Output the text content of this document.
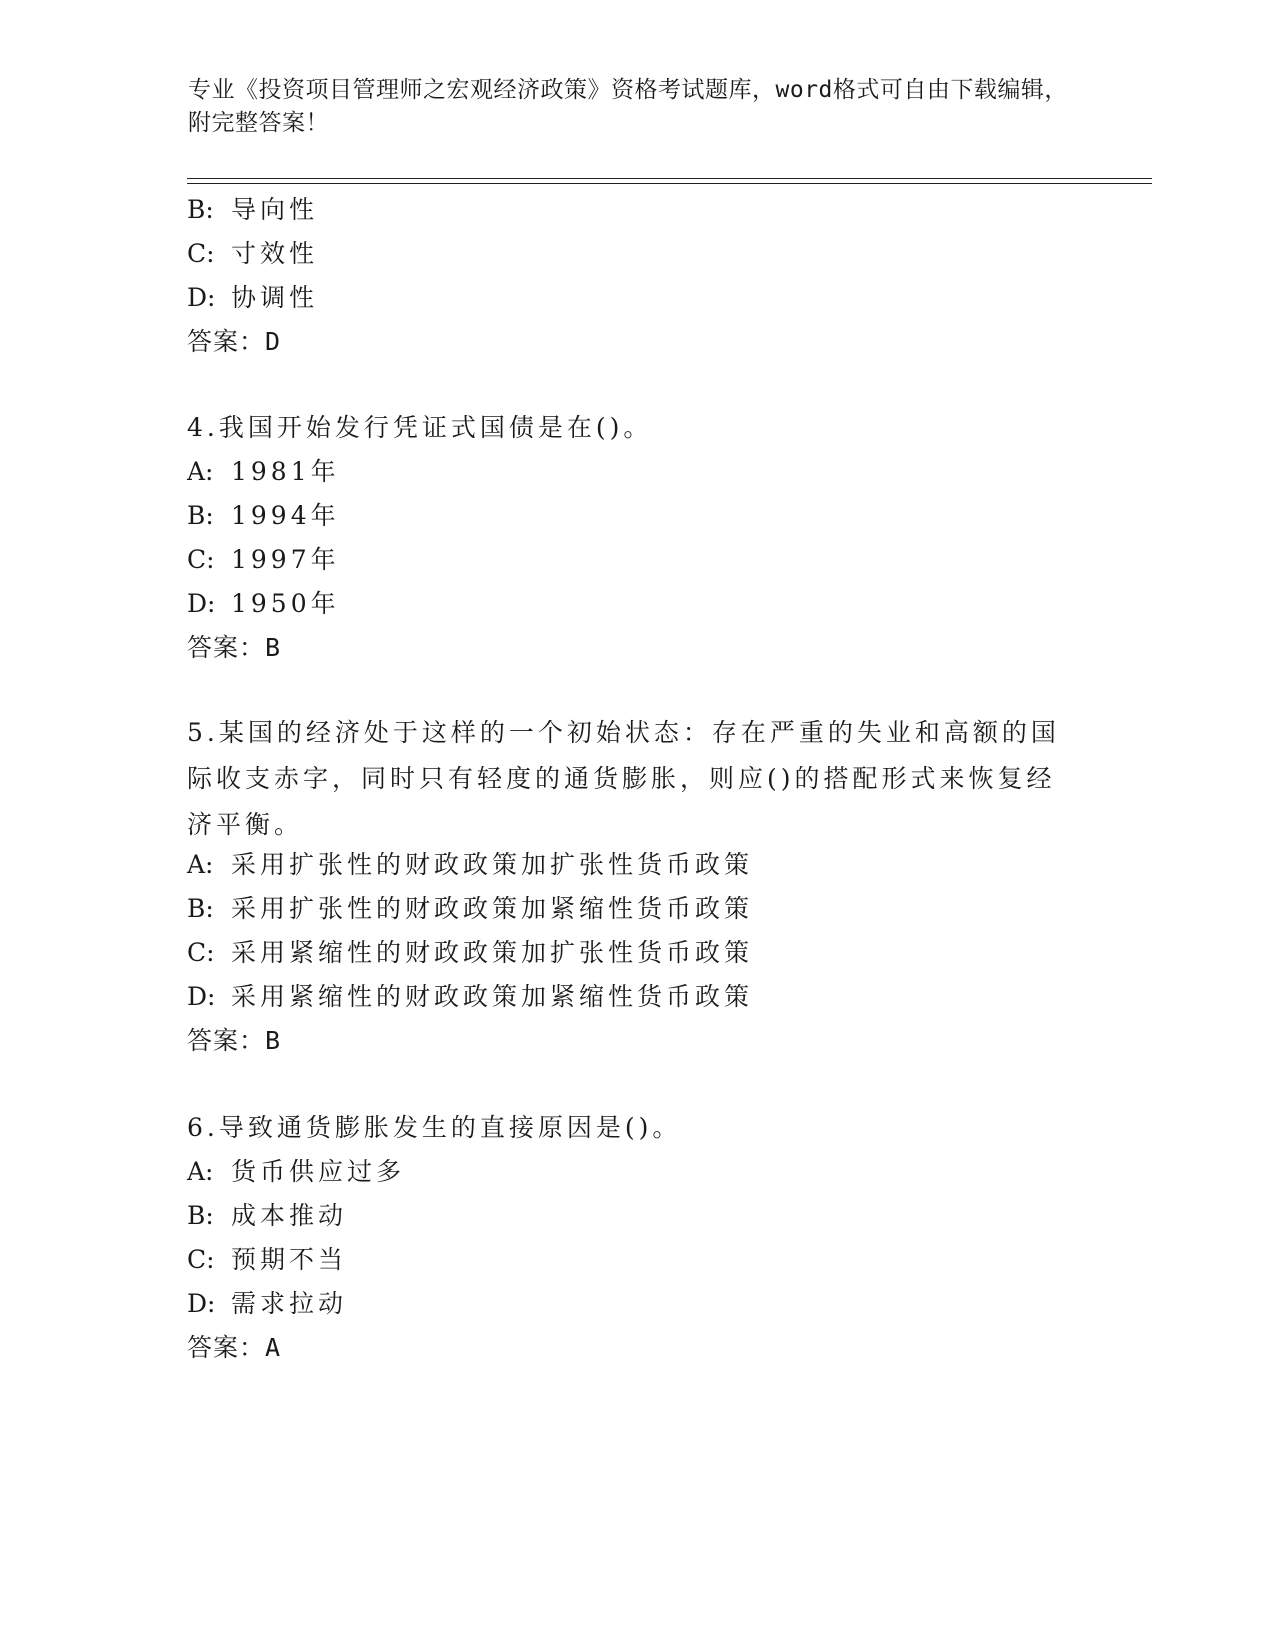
专业《投资项目管理师之宏观经济政策》资格考试题库，word格式可自由下载编辑，附完整答案！
B: 导向性
C: 寸效性
D: 协调性
答案：D
4.我国开始发行凭证式国债是在()。
A: 1981年
B: 1994年
C: 1997年
D: 1950年
答案：B
5.某国的经济处于这样的一个初始状态：存在严重的失业和高额的国际收支赤字，同时只有轻度的通货膨胀，则应()的搭配形式来恢复经济平衡。
A: 采用扩张性的财政政策加扩张性货币政策
B: 采用扩张性的财政政策加紧缩性货币政策
C: 采用紧缩性的财政政策加扩张性货币政策
D: 采用紧缩性的财政政策加紧缩性货币政策
答案：B
6.导致通货膨胀发生的直接原因是()。
A: 货币供应过多
B: 成本推动
C: 预期不当
D: 需求拉动
答案：A
